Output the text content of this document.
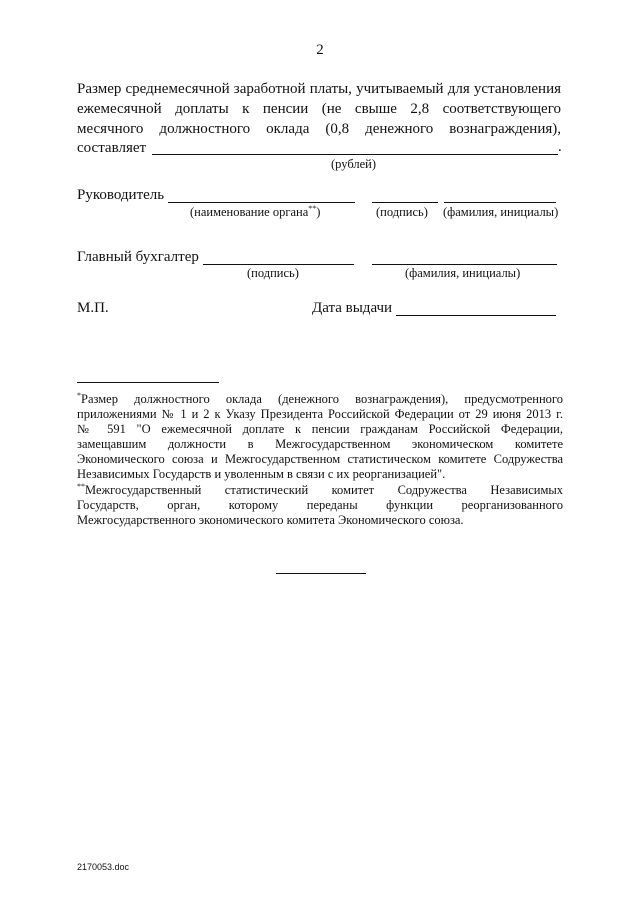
2
Размер среднемесячной заработной платы, учитываемый для установления
ежемесячной доплаты к пенсии (не свыше 2,8 соответствующего
месячного должностного оклада (0,8 денежного вознаграждения),
составляет	.
(рублей)
Руководитель
(наименование органа**)	(подпись) (фамилия, инициалы)
Главный бухгалтер
(подпись)	(фамилия, инициалы)
М.П.	Дата выдачи
*Размер должностного оклада (денежного вознаграждения), предусмотренного
приложениями № 1 и 2 к Указу Президента Российской Федерации от 29 июня 2013 г.
№ 591 "О ежемесячной доплате к пенсии гражданам Российской Федерации,
замещавшим должности в Межгосударственном экономическом комитете
Экономического союза и Межгосударственном статистическом комитете Содружества
Независимых Государств и уволенным в связи с их реорганизацией".
**Межгосударственный статистический комитет Содружества Независимых
Государств, орган, которому переданы функции реорганизованного
Межгосударственного экономического комитета Экономического союза.
2170053.doc
